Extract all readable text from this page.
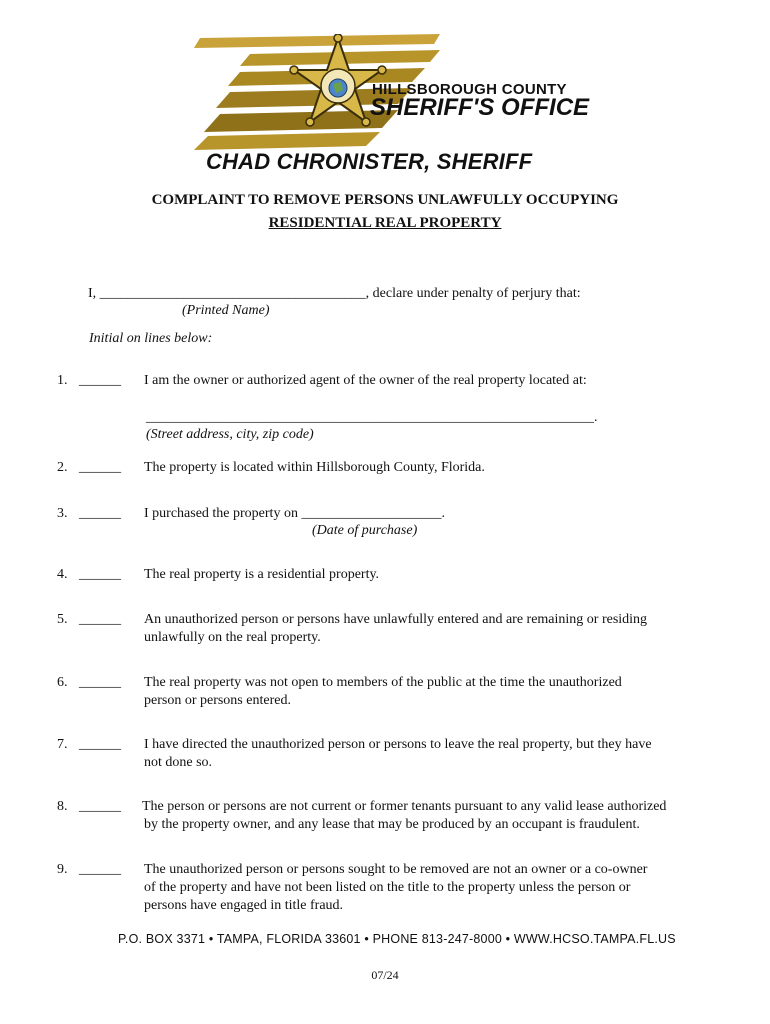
HILLSBOROUGH COUNTY
SHERIFF'S OFFICE
CHAD CHRONISTER, SHERIFF
COMPLAINT TO REMOVE PERSONS UNLAWFULLY OCCUPYING
RESIDENTIAL REAL PROPERTY
I, ______________________________________, declare under penalty of perjury that:
(Printed Name)
Initial on lines below:
1. ______ I am the owner or authorized agent of the owner of the real property located at:
________________________________________________________________.
(Street address, city, zip code)
2. ______ The property is located within Hillsborough County, Florida.
3. ______ I purchased the property on ____________________.
(Date of purchase)
4. ______ The real property is a residential property.
5. ______ An unauthorized person or persons have unlawfully entered and are remaining or residing
unlawfully on the real property.
6. ______ The real property was not open to members of the public at the time the unauthorized
person or persons entered.
7. ______ I have directed the unauthorized person or persons to leave the real property, but they have
not done so.
8. ______ The person or persons are not current or former tenants pursuant to any valid lease authorized
by the property owner, and any lease that may be produced by an occupant is fraudulent.
9. ______ The unauthorized person or persons sought to be removed are not an owner or a co-owner
of the property and have not been listed on the title to the property unless the person or
persons have engaged in title fraud.
P.O. BOX 3371 • TAMPA, FLORIDA 33601 • PHONE 813-247-8000 • WWW.HCSO.TAMPA.FL.US
07/24
